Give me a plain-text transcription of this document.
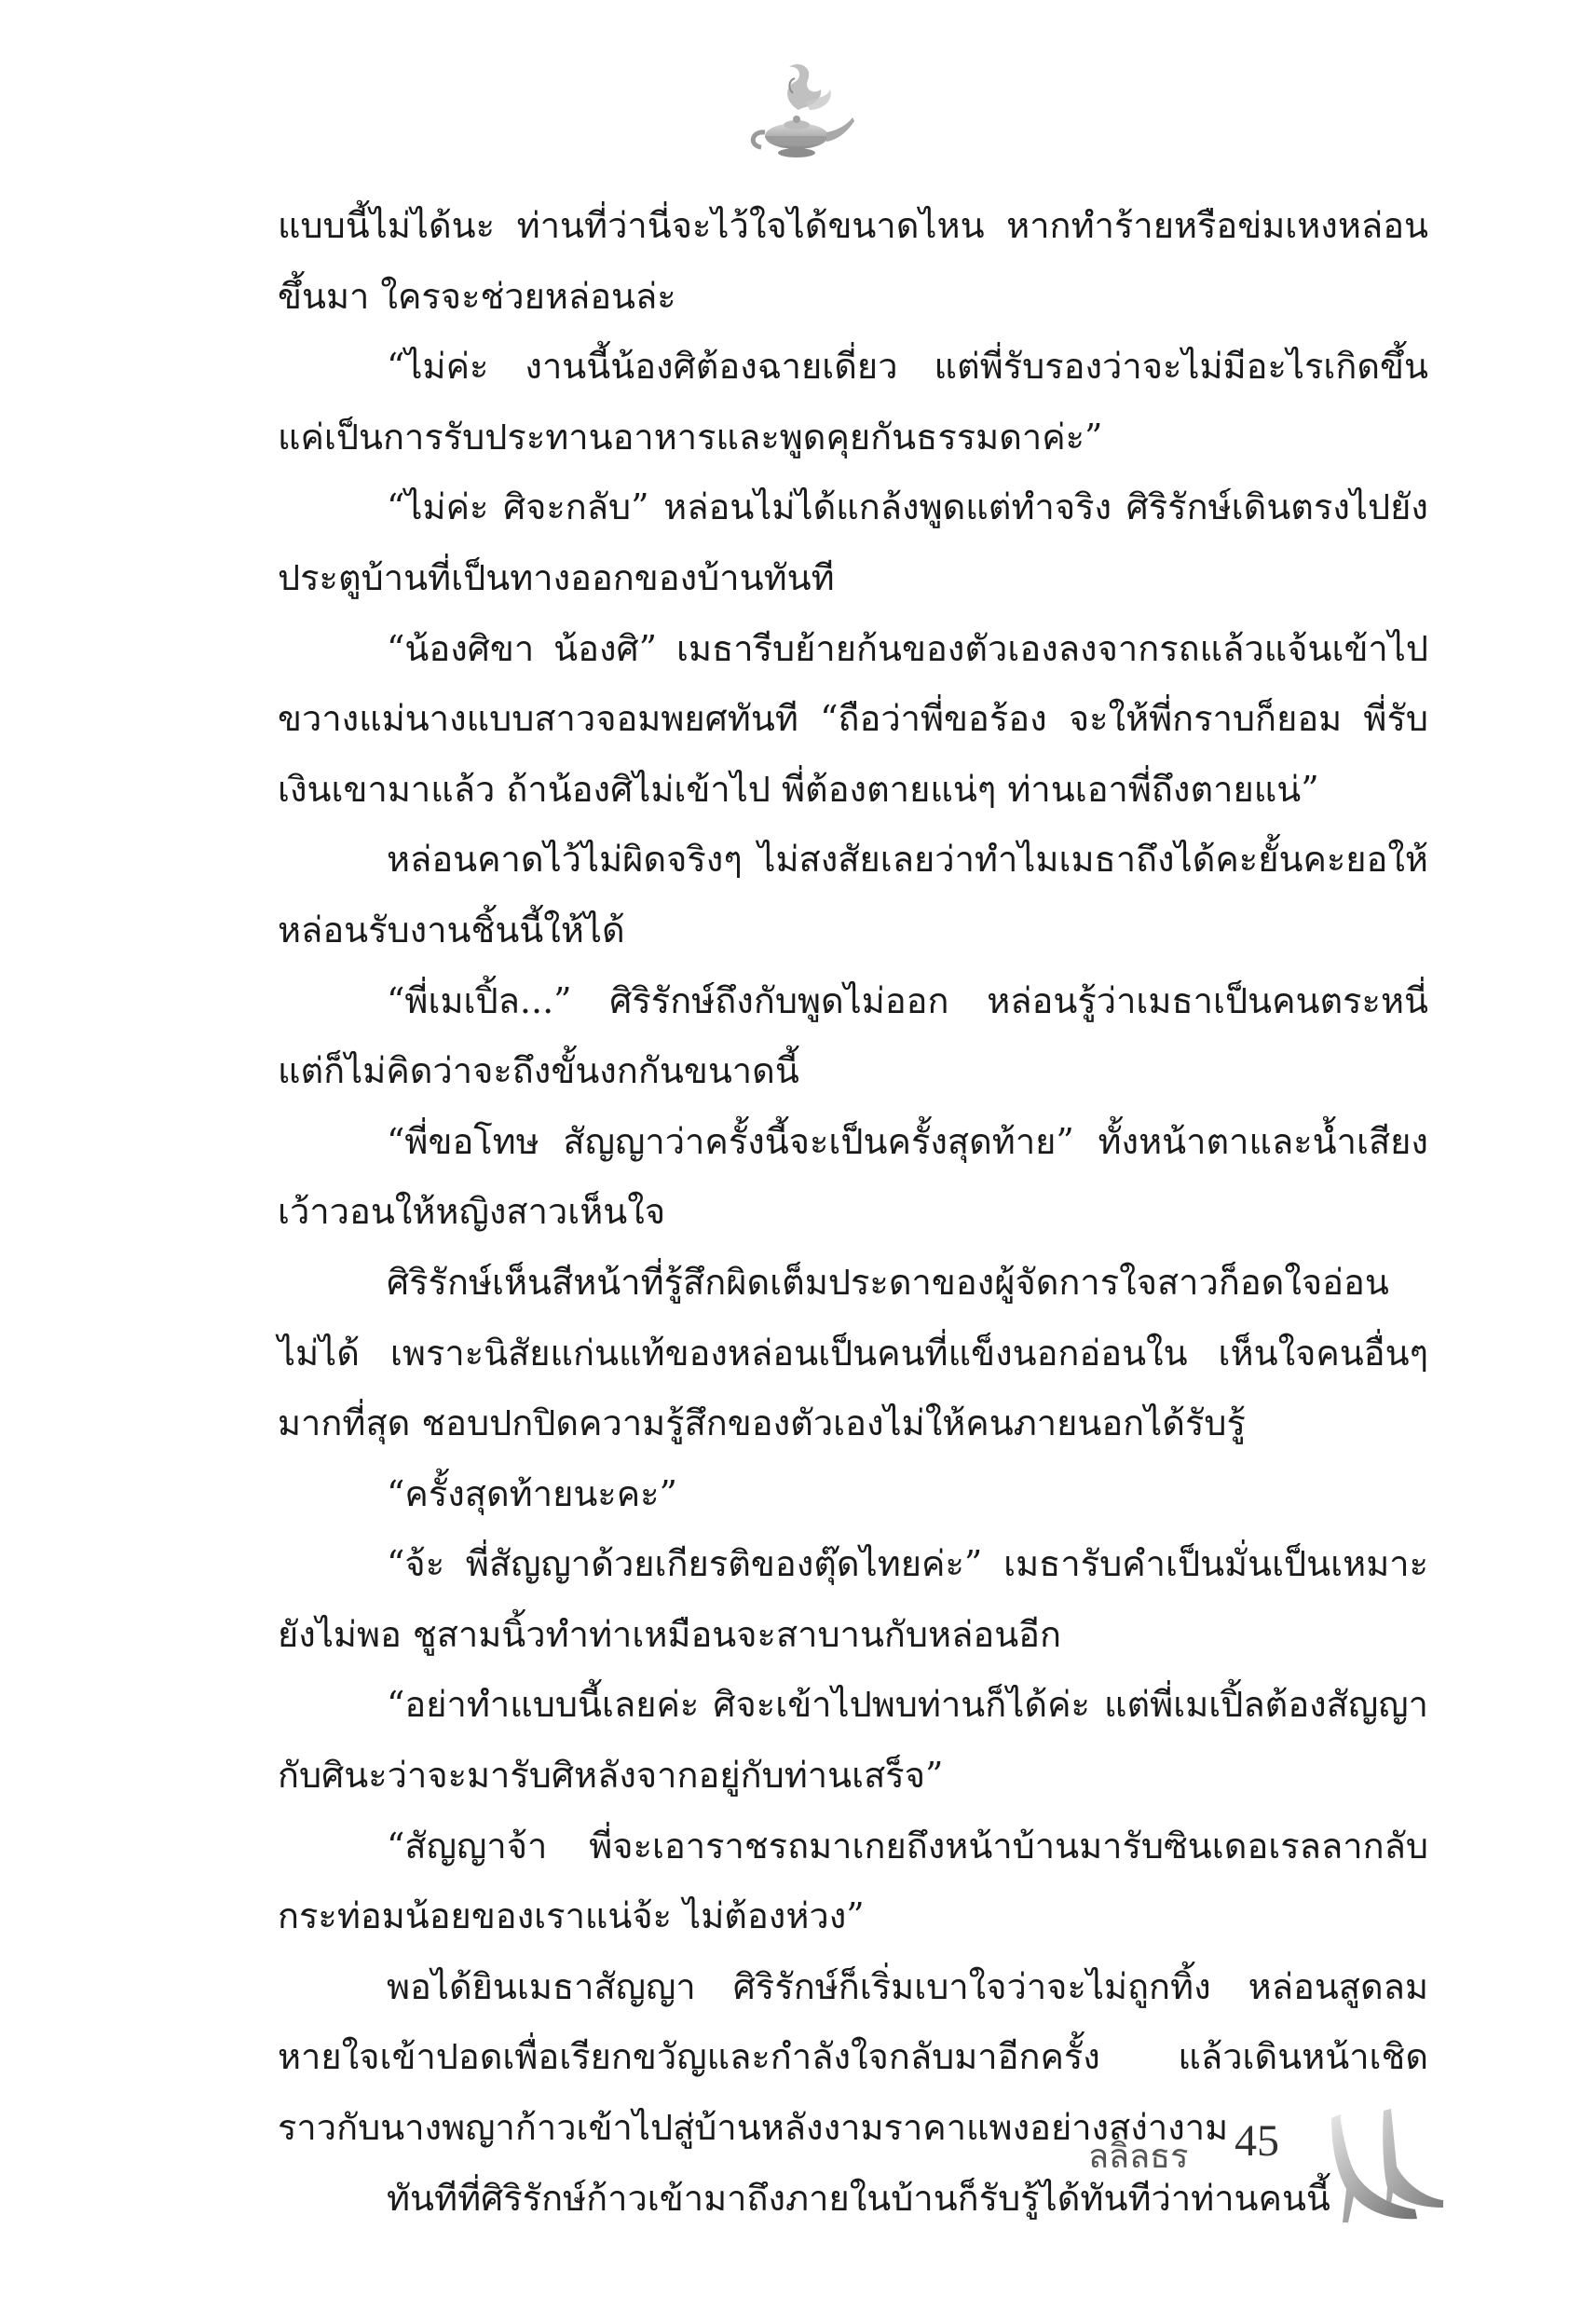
แบบนี้ไม่ได้นะ ท่านที่ว่านี่จะไว้ใจได้ขนาดไหน หากทำร้ายหรือข่มเหงหล่อนขึ้นมา ใครจะช่วยหล่อนล่ะ

“ไม่ค่ะ งานนี้น้องศิต้องฉายเดี่ยว แต่พี่รับรองว่าจะไม่มีอะไรเกิดขึ้น แค่เป็นการรับประทานอาหารและพูดคุยกันธรรมดาค่ะ”

“ไม่ค่ะ ศิจะกลับ” หล่อนไม่ได้แกล้งพูดแต่ทำจริง ศิริรักษ์เดินตรงไปยังประตูบ้านที่เป็นทางออกของบ้านทันที

“น้องศิขา น้องศิ” เมธารีบย้ายก้นของตัวเองลงจากรถแล้วแจ้นเข้าไปขวางแม่นางแบบสาวจอมพยศทันที “ถือว่าพี่ขอร้อง จะให้พี่กราบก็ยอม พี่รับเงินเขามาแล้ว ถ้าน้องศิไม่เข้าไป พี่ต้องตายแน่ๆ ท่านเอาพี่ถึงตายแน่”

หล่อนคาดไว้ไม่ผิดจริงๆ ไม่สงสัยเลยว่าทำไมเมธาถึงได้คะยั้นคะยอให้หล่อนรับงานชิ้นนี้ให้ได้

“พี่เมเปิ้ล...” ศิริรักษ์ถึงกับพูดไม่ออก หล่อนรู้ว่าเมธาเป็นคนตระหนี่ แต่ก็ไม่คิดว่าจะถึงขั้นงกกันขนาดนี้

“พี่ขอโทษ สัญญาว่าครั้งนี้จะเป็นครั้งสุดท้าย” ทั้งหน้าตาและน้ำเสียงเว้าวอนให้หญิงสาวเห็นใจ

ศิริรักษ์เห็นสีหน้าที่รู้สึกผิดเต็มประดาของผู้จัดการใจสาวก็อดใจอ่อนไม่ได้ เพราะนิสัยแก่นแท้ของหล่อนเป็นคนที่แข็งนอกอ่อนใน เห็นใจคนอื่นๆ มากที่สุด ชอบปกปิดความรู้สึกของตัวเองไม่ให้คนภายนอกได้รับรู้

“ครั้งสุดท้ายนะคะ”

“จ้ะ พี่สัญญาด้วยเกียรติของตุ๊ดไทยค่ะ” เมธารับคำเป็นมั่นเป็นเหมาะยังไม่พอ ชูสามนิ้วทำท่าเหมือนจะสาบานกับหล่อนอีก

“อย่าทำแบบนี้เลยค่ะ ศิจะเข้าไปพบท่านก็ได้ค่ะ แต่พี่เมเปิ้ลต้องสัญญากับศินะว่าจะมารับศิหลังจากอยู่กับท่านเสร็จ”

“สัญญาจ้า พี่จะเอาราชรถมาเกยถึงหน้าบ้านมารับซินเดอเรลลากลับกระท่อมน้อยของเราแน่จ้ะ ไม่ต้องห่วง”

พอได้ยินเมธาสัญญา ศิริรักษ์ก็เริ่มเบาใจว่าจะไม่ถูกทิ้ง หล่อนสูดลมหายใจเข้าปอดเพื่อเรียกขวัญและกำลังใจกลับมาอีกครั้ง แล้วเดินหน้าเชิดราวกับนางพญาก้าวเข้าไปสู่บ้านหลังงามราคาแพงอย่างสง่างาม

ทันทีที่ศิริรักษ์ก้าวเข้ามาถึงภายในบ้านก็รับรู้ได้ทันทีว่าท่านคนนี้

ลลิลธร 45
